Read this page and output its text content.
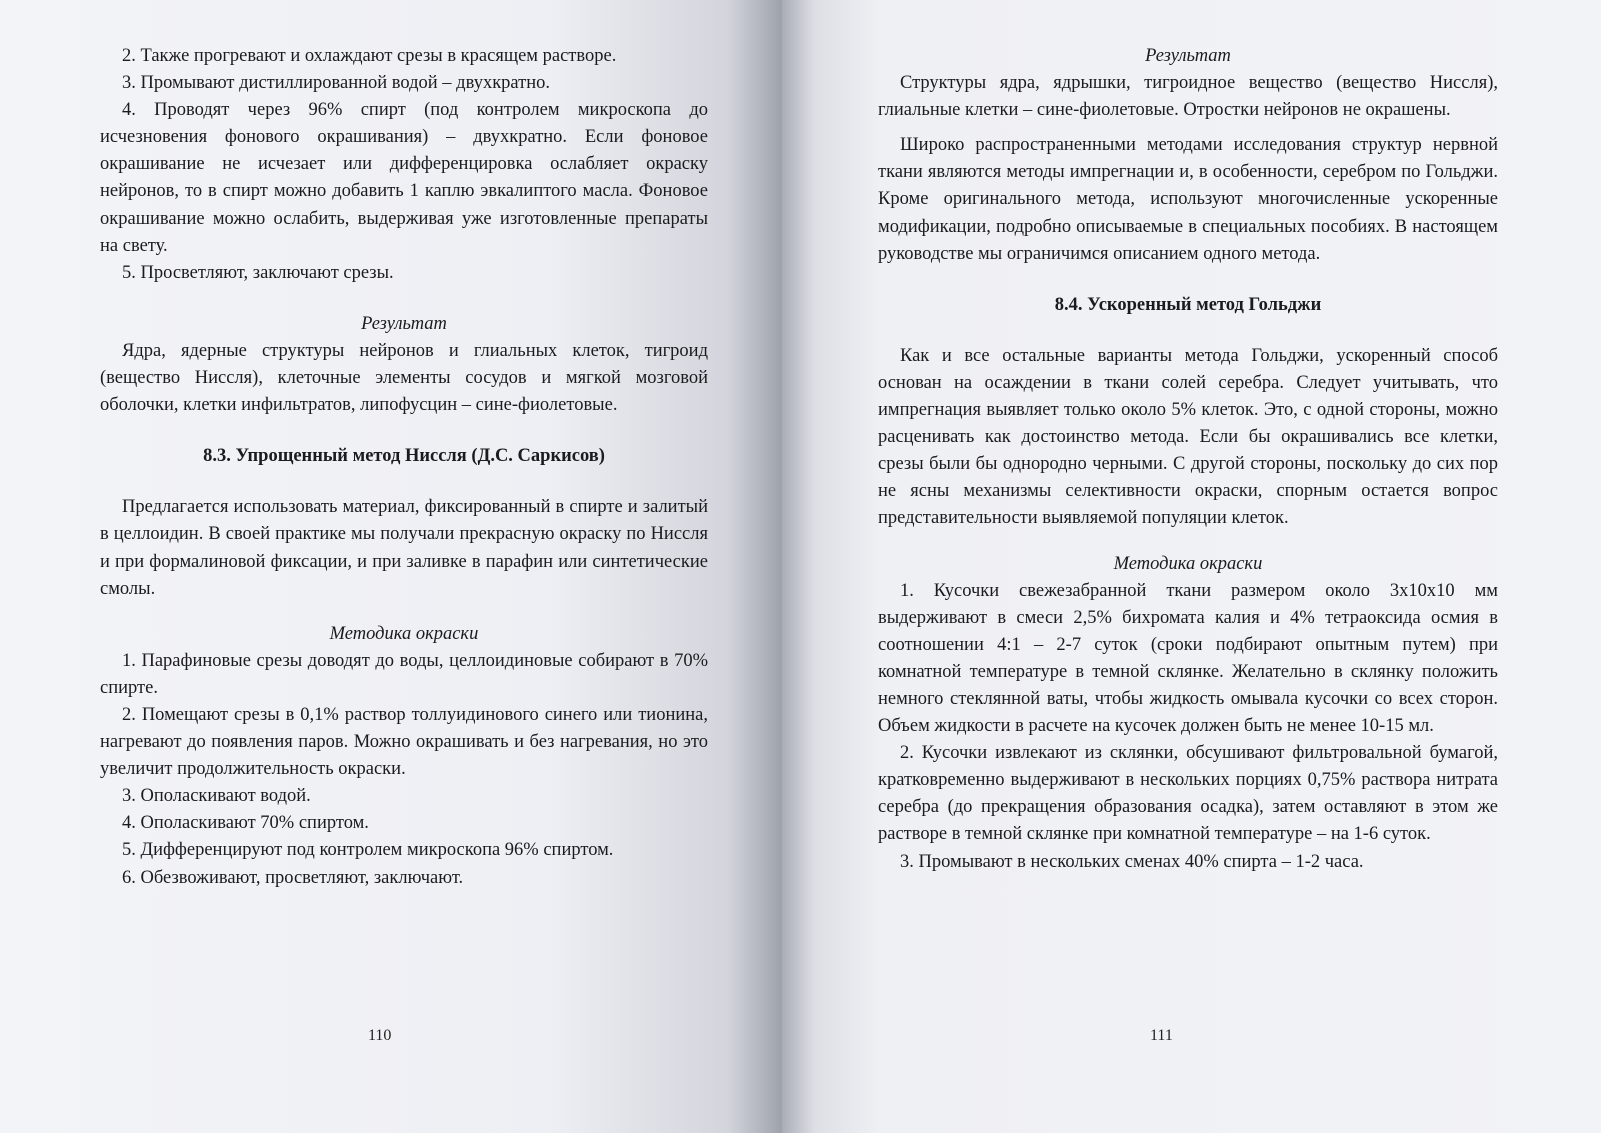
2. Также прогревают и охлаждают срезы в красящем растворе.

3. Промывают дистиллированной водой – двухкратно.

4. Проводят через 96% спирт (под контролем микроскопа до исчезновения фонового окрашивания) – двухкратно. Если фоновое окрашивание не исчезает или дифференцировка ослабляет окраску нейронов, то в спирт можно добавить 1 каплю эвкалиптого масла. Фоновое окрашивание можно ослабить, выдерживая уже изготовленные препараты на свету.

5. Просветляют, заключают срезы.

Результат

Ядра, ядерные структуры нейронов и глиальных клеток, тигроид (вещество Ниссля), клеточные элементы сосудов и мягкой мозговой оболочки, клетки инфильтратов, липофусцин – сине-фиолетовые.

8.3. Упрощенный метод Ниссля (Д.С. Саркисов)

Предлагается использовать материал, фиксированный в спирте и залитый в целлоидин. В своей практике мы получали прекрасную окраску по Ниссля и при формалиновой фиксации, и при заливке в парафин или синтетические смолы.

Методика окраски

1. Парафиновые срезы доводят до воды, целлоидиновые собирают в 70% спирте.

2. Помещают срезы в 0,1% раствор толлуидинового синего или тионина, нагревают до появления паров. Можно окрашивать и без нагревания, но это увеличит продолжительность окраски.

3. Ополаскивают водой.

4. Ополаскивают 70% спиртом.

5. Дифференцируют под контролем микроскопа 96% спиртом.

6. Обезвоживают, просветляют, заключают.

110

Результат

Структуры ядра, ядрышки, тигроидное вещество (вещество Ниссля), глиальные клетки – сине-фиолетовые. Отростки нейронов не окрашены.

Широко распространенными методами исследования структур нервной ткани являются методы импрегнации и, в особенности, серебром по Гольджи. Кроме оригинального метода, используют многочисленные ускоренные модификации, подробно описываемые в специальных пособиях. В настоящем руководстве мы ограничимся описанием одного метода.

8.4. Ускоренный метод Гольджи

Как и все остальные варианты метода Гольджи, ускоренный способ основан на осаждении в ткани солей серебра. Следует учитывать, что импрегнация выявляет только около 5% клеток. Это, с одной стороны, можно расценивать как достоинство метода. Если бы окрашивались все клетки, срезы были бы однородно черными. С другой стороны, поскольку до сих пор не ясны механизмы селективности окраски, спорным остается вопрос представительности выявляемой популяции клеток.

Методика окраски

1. Кусочки свежезабранной ткани размером около 3х10х10 мм выдерживают в смеси 2,5% бихромата калия и 4% тетраоксида осмия в соотношении 4:1 – 2-7 суток (сроки подбирают опытным путем) при комнатной температуре в темной склянке. Желательно в склянку положить немного стеклянной ваты, чтобы жидкость омывала кусочки со всех сторон. Объем жидкости в расчете на кусочек должен быть не менее 10-15 мл.

2. Кусочки извлекают из склянки, обсушивают фильтровальной бумагой, кратковременно выдерживают в нескольких порциях 0,75% раствора нитрата серебра (до прекращения образования осадка), затем оставляют в этом же растворе в темной склянке при комнатной температуре – на 1-6 суток.

3. Промывают в нескольких сменах 40% спирта – 1-2 часа.

111
